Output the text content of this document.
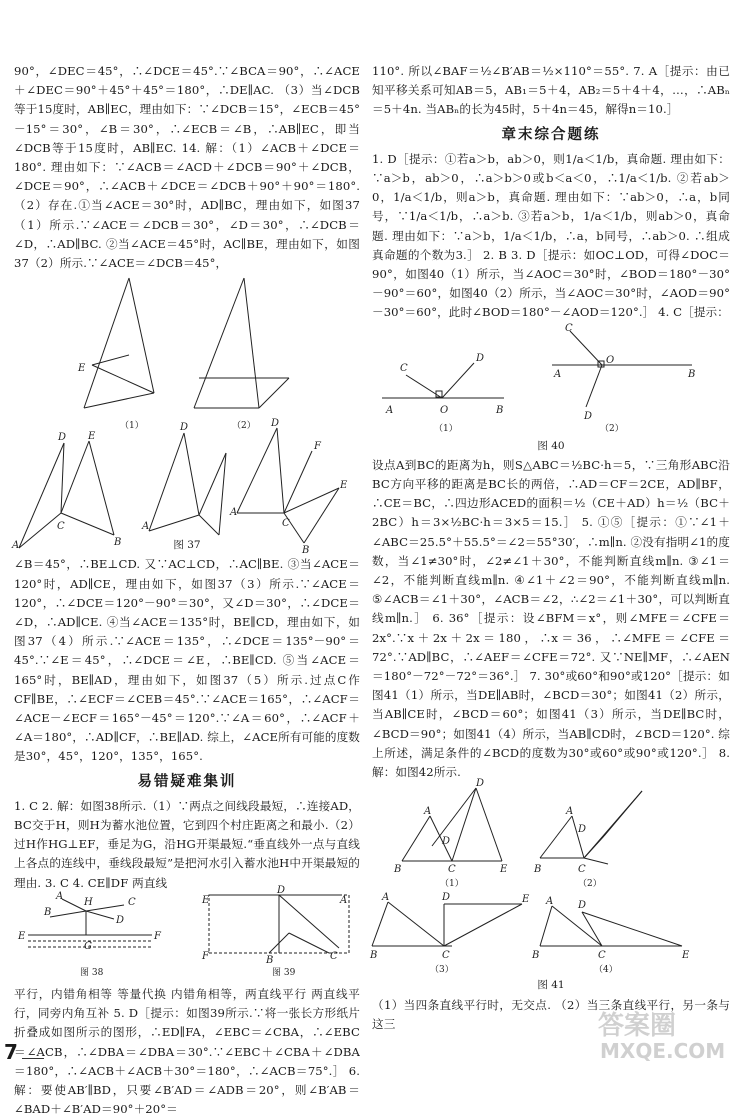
90°，∠DEC＝45°，∴∠DCE＝45°.∵∠BCA＝90°，∴∠ACE＋∠DEC＝90°＋45°＋45°＝180°，∴DE∥AC. （3）当∠DCB等于15度时，AB∥EC，理由如下：∵∠DCB＝15°，∠ECB＝45°－15°＝30°，∠B＝30°，∴∠ECB＝∠B，∴AB∥EC，即当∠DCB等于15度时，AB∥EC. 14. 解：（1）∠ACB＋∠DCE＝180°. 理由如下：∵∠ACB＝∠ACD＋∠DCB＝90°＋∠DCB，∠DCE＝90°，∴∠ACB＋∠DCE＝∠DCB＋90°＋90°＝180°. （2）存在.①当∠ACE＝30°时，AD∥BC，理由如下，如图37（1）所示.∵∠ACE＝∠DCB＝30°，∠D＝30°，∴∠DCB＝∠D，∴AD∥BC. ②当∠ACE＝45°时，AC∥BE，理由如下，如图37（2）所示.∵∠ACE＝∠DCB＝45°，

E
（1）	（2）
D E
A
C
B
D
A
D
F
E
A
C
B
图 37

∠B＝45°，∴BE⊥CD. 又∵AC⊥CD，∴AC∥BE. ③当∠ACE＝120°时，AD∥CE，理由如下，如图37（3）所示.∵∠ACE＝120°，∴∠DCE＝120°－90°＝30°，又∠D＝30°，∴∠DCE＝∠D，∴AD∥CE. ④当∠ACE＝135°时，BE∥CD，理由如下，如图37（4）所示.∵∠ACE＝135°，∴∠DCE＝135°－90°＝45°.∵∠E＝45°，∴∠DCE＝∠E，∴BE∥CD. ⑤当∠ACE＝165°时，BE∥AD，理由如下，如图37（5）所示.过点C作CF∥BE，∴∠ECF＝∠CEB＝45°.∵∠ACE＝165°，∴∠ACF＝∠ACE－∠ECF＝165°－45°＝120°.∵∠A＝60°，∴∠ACF＋∠A＝180°，∴AD∥CF，∴BE∥AD. 综上，∠ACE所有可能的度数是30°，45°，120°，135°，165°.

易错疑难集训

1. C 2. 解：如图38所示.（1）∵两点之间线段最短，∴连接AD，BC交于H，则H为蓄水池位置，它到四个村庄距离之和最小.（2）过H作HG⊥EF，垂足为G，沿HG开渠最短.“垂直线外一点与直线上各点的连线中，垂线段最短”是把河水引入蓄水池H中开渠最短的理由. 3. C 4. CE∥DF 两直线

A
H	C
B
D
E	F
G
图 38
E
D
A
F	B	C
图 39

平行，内错角相等 等量代换 内错角相等，两直线平行 两直线平行，同旁内角互补 5. D［提示：如图39所示.∵将一张长方形纸片折叠成如图所示的图形，∴ED∥FA，∠EBC＝∠CBA，∴∠EBC＝∠ACB，∴∠DBA＝∠DBA＝30°.∵∠EBC＋∠CBA＋∠DBA＝180°，∴∠ACB＋∠ACB＋30°＝180°，∴∠ACB＝75°.］ 6. 解：要使AB′∥BD，只要∠B′AD＝∠ADB＝20°，则∠B′AB＝∠BAD＋∠B′AD＝90°＋20°＝

110°. 所以∠BAF＝½∠B′AB＝½×110°＝55°. 7. A［提示：由已知平移关系可知AB＝5，AB₁＝5＋4，AB₂＝5＋4＋4，…，∴ABₙ＝5＋4n. 当ABₙ的长为45时，5＋4n＝45，解得n＝10.］

章末综合题练

1. D［提示：①若a＞b，ab＞0，则1/a＜1/b，真命题. 理由如下：∵a＞b，ab＞0，∴a＞b＞0或b＜a＜0，∴1/a＜1/b. ②若ab＞0，1/a＜1/b，则a＞b，真命题. 理由如下：∵ab＞0，∴a，b同号，∵1/a＜1/b，∴a＞b. ③若a＞b，1/a＜1/b，则ab＞0，真命题. 理由如下：∵a＞b，1/a＜1/b，∴a，b同号，∴ab＞0. ∴组成真命题的个数为3.］ 2. B 3. D［提示：如OC⊥OD，可得∠DOC＝90°，如图40（1）所示，当∠AOC＝30°时，∠BOD＝180°－30°－90°＝60°，如图40（2）所示，当∠AOC＝30°时，∠AOD＝90°－30°＝60°，此时∠BOD＝180°－∠AOD＝120°.］ 4. C［提示：

C
D
A	O	B
（1）
C
A
O
B
D
（2）
图 40

设点A到BC的距离为h，则S△ABC＝½BC·h＝5，∵三角形ABC沿BC方向平移的距离是BC长的两倍，∴AD＝CF＝2CE，AD∥BF，∴CE＝BC，∴四边形ACED的面积＝½（CE＋AD）h＝½（BC＋2BC）h＝3×½BC·h＝3×5＝15.］ 5. ①⑤［提示：①∵∠1＋∠ABC＝25.5°＋55.5°＝∠2＝55°30′，∴m∥n. ②没有指明∠1的度数，当∠1≠30°时，∠2≠∠1＋30°，不能判断直线m∥n. ③∠1＝∠2，不能判断直线m∥n. ④∠1＋∠2＝90°，不能判断直线m∥n. ⑤∠ACB＝∠1＋30°，∠ACB＝∠2，∴∠2＝∠1＋30°，可以判断直线m∥n.］ 6. 36°［提示：设∠BFM＝x°，则∠MFE＝∠CFE＝2x°.∵x＋2x＋2x＝180，∴x＝36，∴∠MFE＝∠CFE＝72°.∵AD∥BC，∴∠AEF＝∠CFE＝72°. 又∵NE∥MF，∴∠AEN＝180°－72°－72°＝36°.］ 7. 30°或60°和90°或120°［提示：如图41（1）所示，当DE∥AB时，∠BCD＝30°；如图41（2）所示，当AB∥CE时，∠BCD＝60°；如图41（3）所示，当DE∥BC时，∠BCD＝90°；如图41（4）所示，当AB∥CD时，∠BCD＝120°. 综上所述，满足条件的∠BCD的度数为30°或60°或90°或120°.］ 8. 解：如图42所示.

A
D
D
B	C	E
（1）
A
D
B	C
（2）
A	D	E
B	C
（3）
A D
B	C	E
（4）
图 41

（1）当四条直线平行时，无交点. （2）当三条直线平行，另一条与这三

7
答案圈
MXQE.COM
